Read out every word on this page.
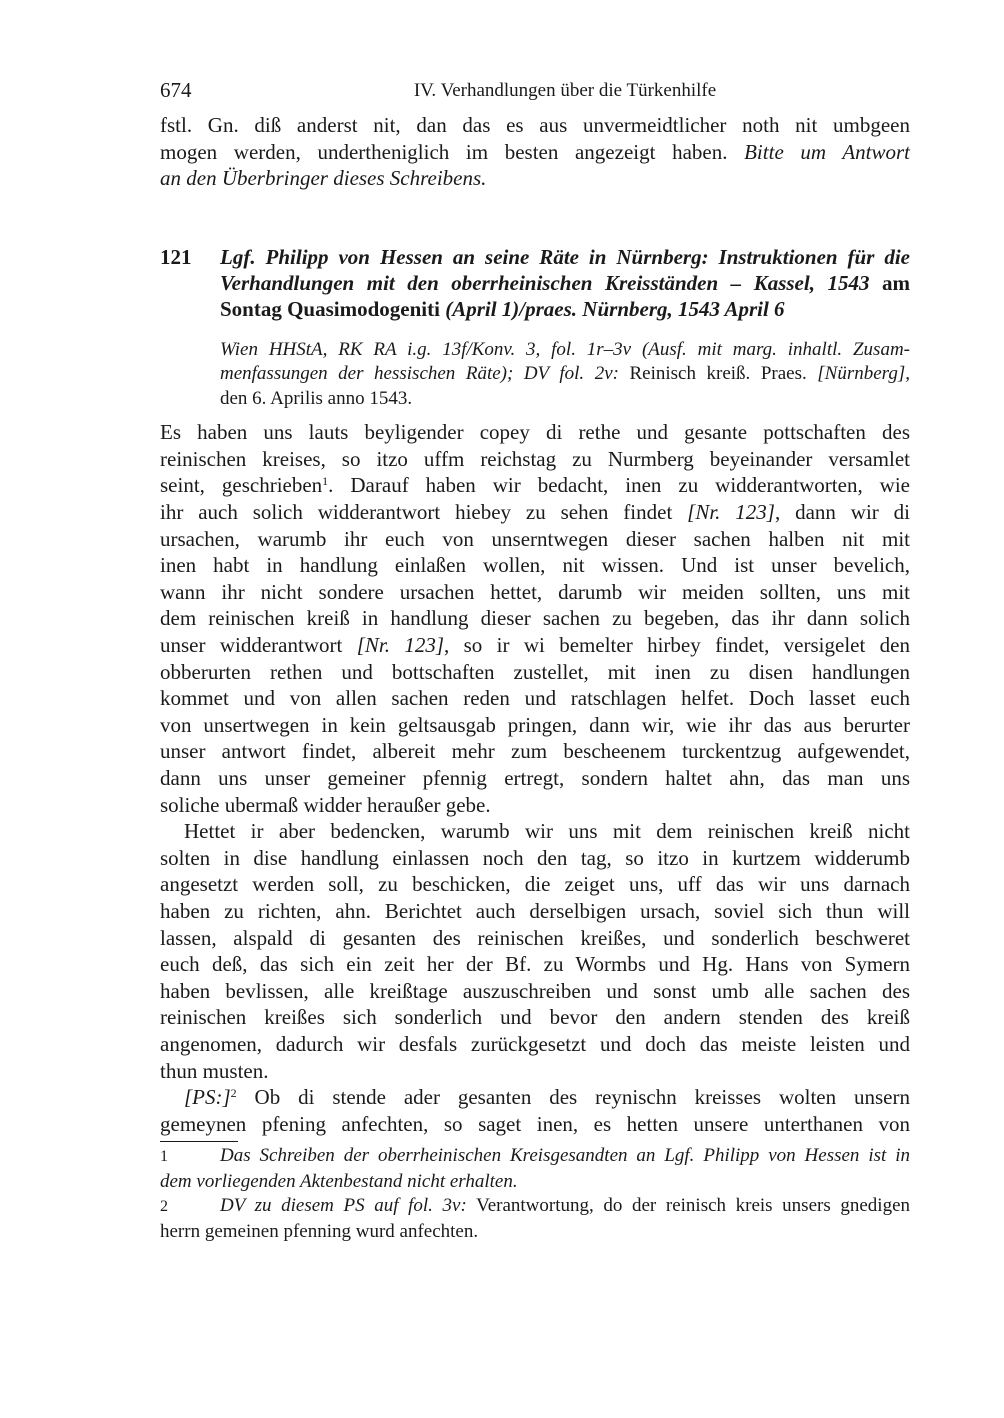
674	IV. Verhandlungen über die Türkenhilfe
fstl. Gn. diß anderst nit, dan das es aus unvermeidtlicher noth nit umbgeen
mogen werden, undertheniglich im besten angezeigt haben. Bitte um Antwort
an den Überbringer dieses Schreibens.
121 Lgf. Philipp von Hessen an seine Räte in Nürnberg: Instruktionen für die
Verhandlungen mit den oberrheinischen Kreisständen – Kassel, 1543 am
Sontag Quasimodogeniti (April 1)/praes. Nürnberg, 1543 April 6
Wien HHStA, RK RA i.g. 13f/Konv. 3, fol. 1r–3v (Ausf. mit marg. inhaltl. Zusam-
menfassungen der hessischen Räte); DV fol. 2v: Reinisch kreiß. Praes. [Nürnberg],
den 6. Aprilis anno 1543.
Es haben uns lauts beyligender copey di rethe und gesante pottschaften des
reinischen kreises, so itzo uffm reichstag zu Nurmberg beyeinander versamlet
seint, geschrieben$^1$. Darauf haben wir bedacht, inen zu widderantworten, wie
ihr auch solich widderantwort hiebey zu sehen findet [Nr. 123], dann wir di
ursachen, warumb ihr euch von unserntwegen dieser sachen halben nit mit
inen habt in handlung einlaßen wollen, nit wissen. Und ist unser bevelich,
wann ihr nicht sondere ursachen hettet, darumb wir meiden sollten, uns mit
dem reinischen kreiß in handlung dieser sachen zu begeben, das ihr dann solich
unser widderantwort [Nr. 123], so ir wi bemelter hirbey findet, versigelet den
obberurten rethen und bottschaften zustellet, mit inen zu disen handlungen
kommet und von allen sachen reden und ratschlagen helfet. Doch lasset euch
von unsertwegen in kein geltsausgab pringen, dann wir, wie ihr das aus berurter
unser antwort findet, albereit mehr zum bescheenem turckentzug aufgewendet,
dann uns unser gemeiner pfennig ertregt, sondern haltet ahn, das man uns
soliche ubermaß widder heraußer gebe.
Hettet ir aber bedencken, warumb wir uns mit dem reinischen kreiß nicht
solten in dise handlung einlassen noch den tag, so itzo in kurtzem widderumb
angesetzt werden soll, zu beschicken, die zeiget uns, uff das wir uns darnach
haben zu richten, ahn. Berichtet auch derselbigen ursach, soviel sich thun will
lassen, alspald di gesanten des reinischen kreißes, und sonderlich beschweret
euch deß, das sich ein zeit her der Bf. zu Wormbs und Hg. Hans von Symern
haben bevlissen, alle kreißtage auszuschreiben und sonst umb alle sachen des
reinischen kreißes sich sonderlich und bevor den andern stenden des kreiß
angenomen, dadurch wir desfals zurückgesetzt und doch das meiste leisten und
thun musten.
[PS:]$^2$ Ob di stende ader gesanten des reynischn kreisses wolten unsern
gemeynen pfening anfechten, so saget inen, es hetten unsere unterthanen von
1	Das Schreiben der oberrheinischen Kreisgesandten an Lgf. Philipp von Hessen ist in
dem vorliegenden Aktenbestand nicht erhalten.
2	DV zu diesem PS auf fol. 3v: Verantwortung, do der reinisch kreis unsers gnedigen
herrn gemeinen pfenning wurd anfechten.
